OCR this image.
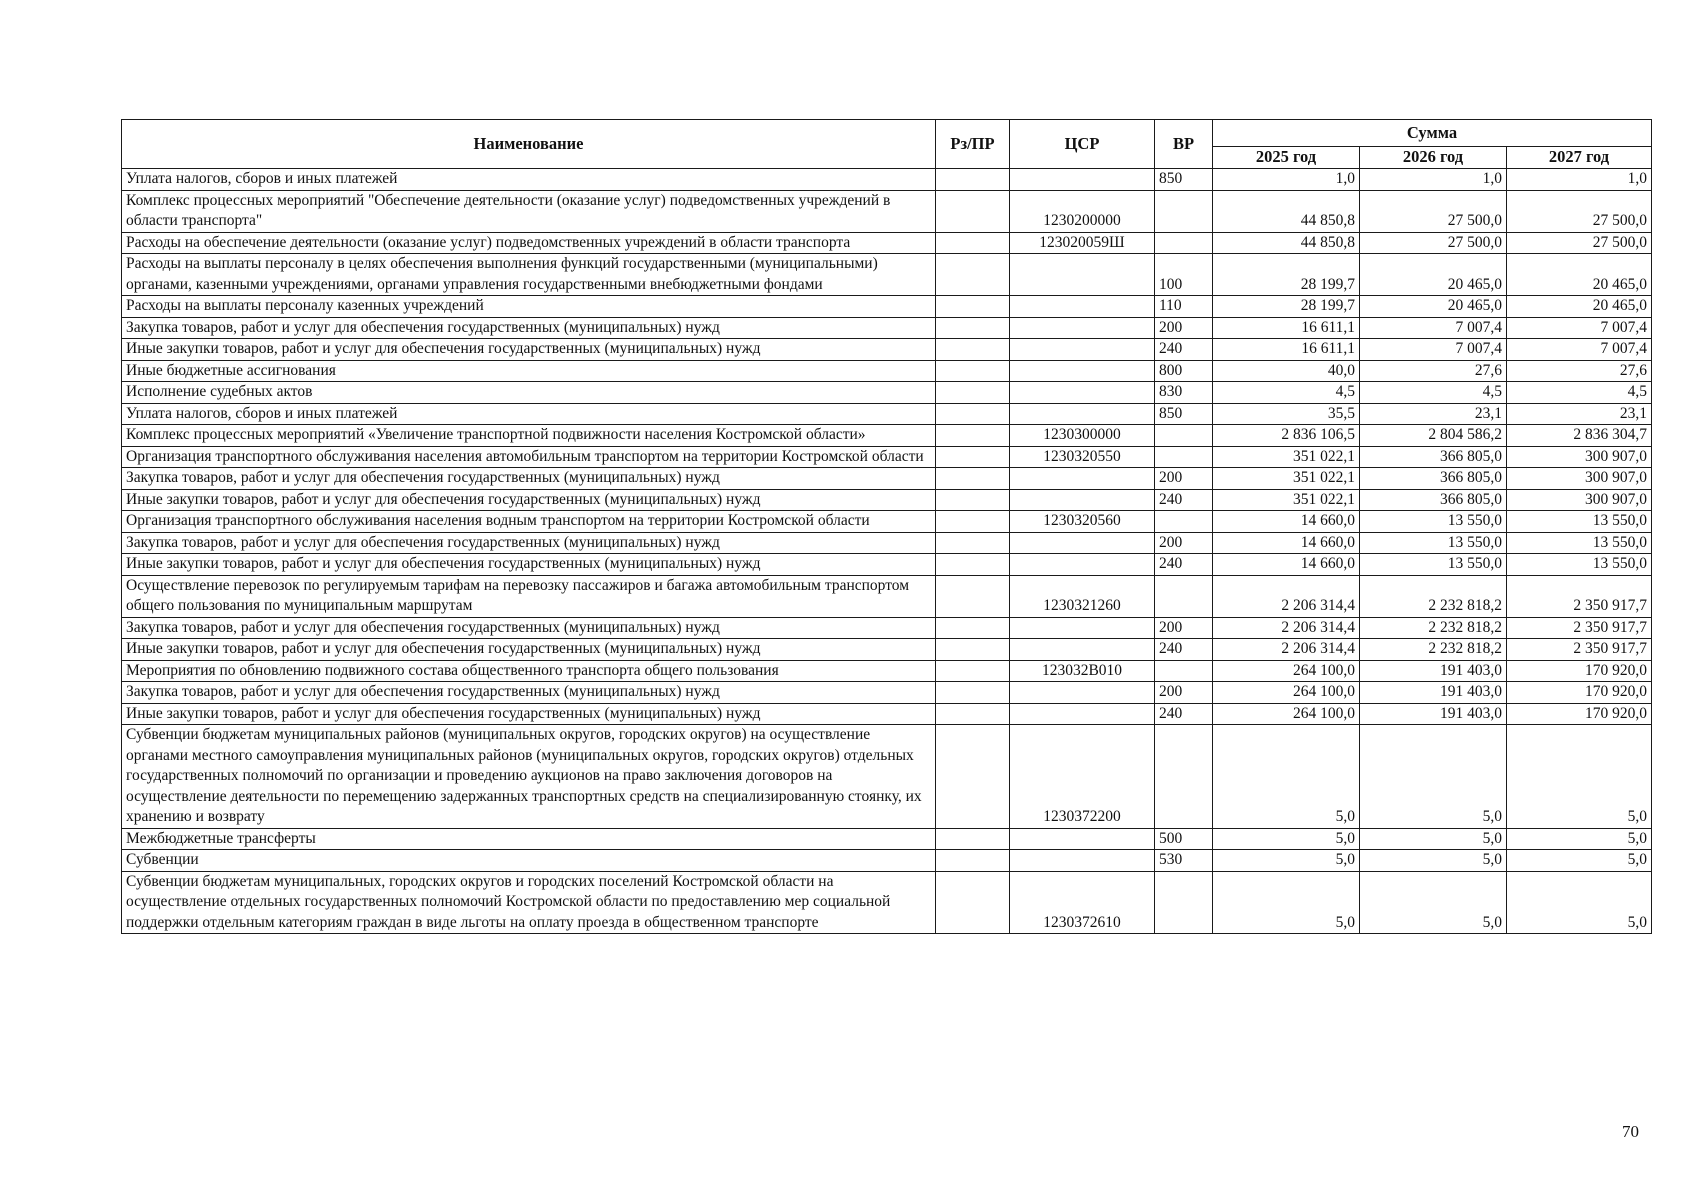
Наименование	Рз/ПР	ЦСР	ВР	Сумма		
				2025 год	2026 год	2027 год
Уплата налогов, сборов и иных платежей			850	1,0	1,0	1,0
Комплекс процессных мероприятий "Обеспечение деятельности (оказание услуг) подведомственных учреждений в области транспорта"		1230200000		44 850,8	27 500,0	27 500,0
Расходы на обеспечение деятельности (оказание услуг) подведомственных учреждений в области транспорта		123020059Ш		44 850,8	27 500,0	27 500,0
Расходы на выплаты персоналу в целях обеспечения выполнения функций государственными (муниципальными) органами, казенными учреждениями, органами управления государственными внебюджетными фондами			100	28 199,7	20 465,0	20 465,0
Расходы на выплаты персоналу казенных учреждений			110	28 199,7	20 465,0	20 465,0
Закупка товаров, работ и услуг для обеспечения государственных (муниципальных) нужд			200	16 611,1	7 007,4	7 007,4
Иные закупки товаров, работ и услуг для обеспечения государственных (муниципальных) нужд			240	16 611,1	7 007,4	7 007,4
Иные бюджетные ассигнования			800	40,0	27,6	27,6
Исполнение судебных актов			830	4,5	4,5	4,5
Уплата налогов, сборов и иных платежей			850	35,5	23,1	23,1
Комплекс процессных мероприятий «Увеличение транспортной подвижности населения Костромской области»		1230300000		2 836 106,5	2 804 586,2	2 836 304,7
Организация транспортного обслуживания населения автомобильным транспортом на территории Костромской области		1230320550		351 022,1	366 805,0	300 907,0
Закупка товаров, работ и услуг для обеспечения государственных (муниципальных) нужд			200	351 022,1	366 805,0	300 907,0
Иные закупки товаров, работ и услуг для обеспечения государственных (муниципальных) нужд			240	351 022,1	366 805,0	300 907,0
Организация транспортного обслуживания населения водным транспортом на территории Костромской области		1230320560		14 660,0	13 550,0	13 550,0
Закупка товаров, работ и услуг для обеспечения государственных (муниципальных) нужд			200	14 660,0	13 550,0	13 550,0
Иные закупки товаров, работ и услуг для обеспечения государственных (муниципальных) нужд			240	14 660,0	13 550,0	13 550,0
Осуществление перевозок по регулируемым тарифам на перевозку пассажиров и багажа автомобильным транспортом общего пользования по муниципальным маршрутам		1230321260		2 206 314,4	2 232 818,2	2 350 917,7
Закупка товаров, работ и услуг для обеспечения государственных (муниципальных) нужд			200	2 206 314,4	2 232 818,2	2 350 917,7
Иные закупки товаров, работ и услуг для обеспечения государственных (муниципальных) нужд			240	2 206 314,4	2 232 818,2	2 350 917,7
Мероприятия по обновлению подвижного состава общественного транспорта общего пользования		123032B010		264 100,0	191 403,0	170 920,0
Закупка товаров, работ и услуг для обеспечения государственных (муниципальных) нужд			200	264 100,0	191 403,0	170 920,0
Иные закупки товаров, работ и услуг для обеспечения государственных (муниципальных) нужд			240	264 100,0	191 403,0	170 920,0
Субвенции бюджетам муниципальных районов (муниципальных округов, городских округов) на осуществление органами местного самоуправления муниципальных районов (муниципальных округов, городских округов) отдельных государственных полномочий по организации и проведению аукционов на право заключения договоров на осуществление деятельности по перемещению задержанных транспортных средств на специализированную стоянку, их хранению и возврату		1230372200		5,0	5,0	5,0
Межбюджетные трансферты			500	5,0	5,0	5,0
Субвенции			530	5,0	5,0	5,0
Субвенции бюджетам муниципальных, городских округов и городских поселений Костромской области на осуществление отдельных государственных полномочий Костромской области по предоставлению мер социальной поддержки отдельным категориям граждан в виде льготы на оплату проезда в общественном транспорте		1230372610		5,0	5,0	5,0
70
